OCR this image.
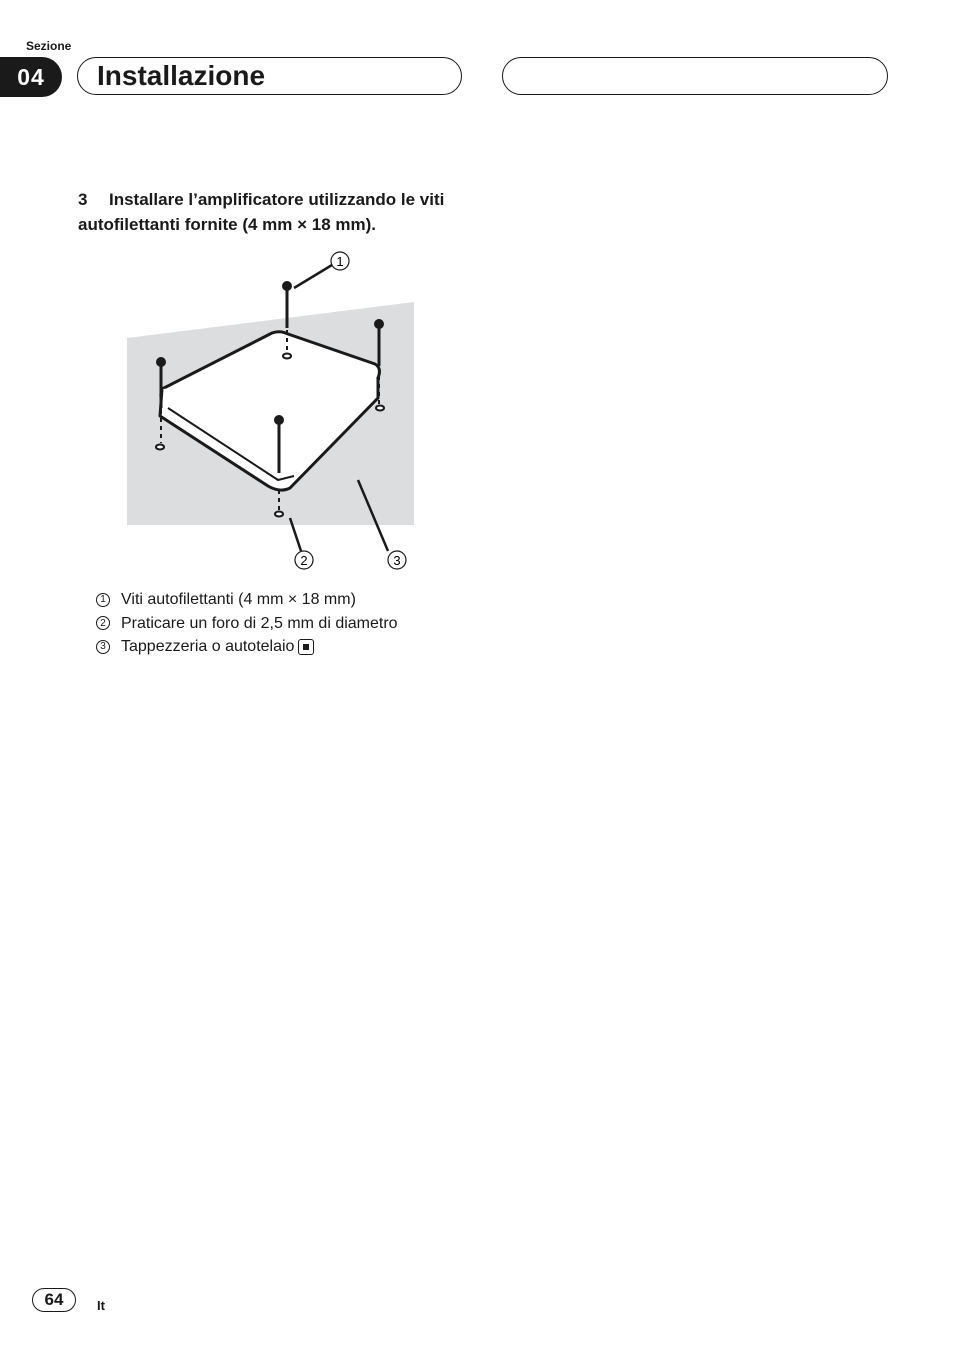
Sezione
04	Installazione
3 Installare l’amplificatore utilizzando le viti autofilettanti fornite (4 mm × 18 mm).
1
2	3
1 Viti autofilettanti (4 mm × 18 mm)
2 Praticare un foro di 2,5 mm di diametro
3 Tappezzeria o autotelaio
64	It
